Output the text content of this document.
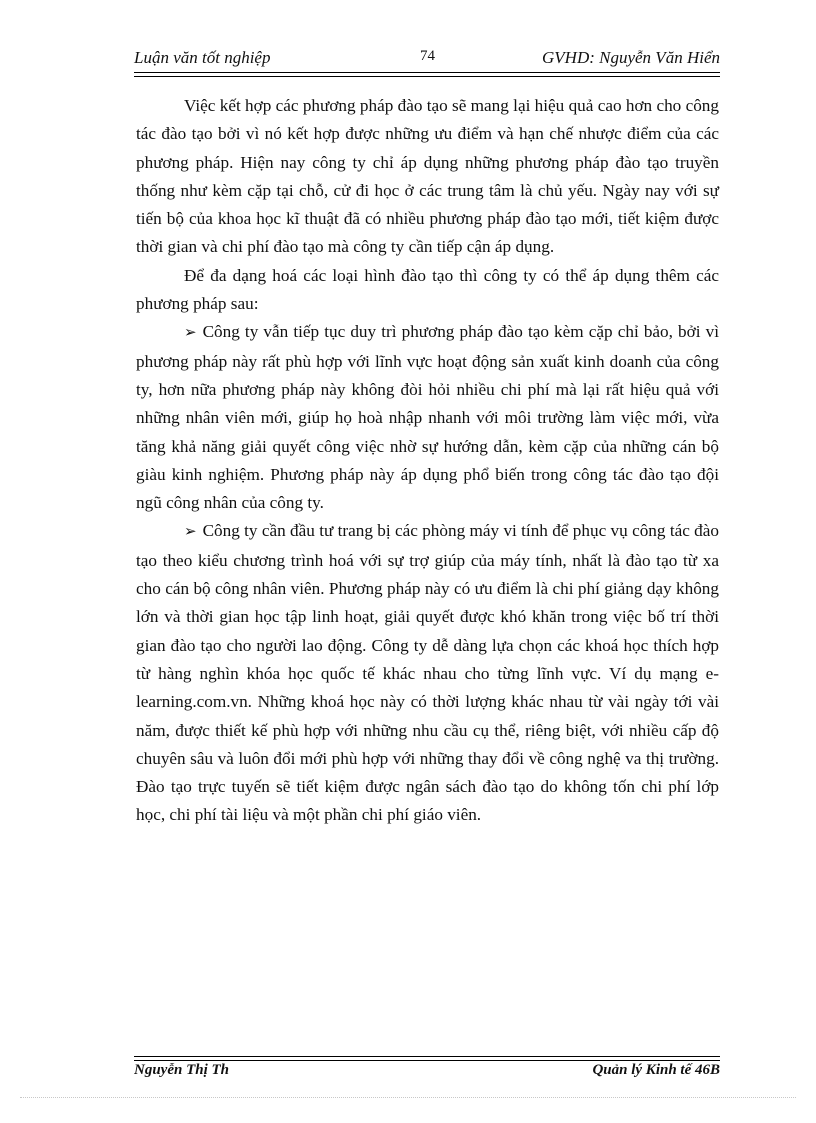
Luận văn tốt nghiệp	74	GVHD: Nguyễn Văn Hiển

Việc kết hợp các phương pháp đào tạo sẽ mang lại hiệu quả cao hơn cho công tác đào tạo bởi vì nó kết hợp được những ưu điểm và hạn chế nhược điểm của các phương pháp. Hiện nay công ty chỉ áp dụng những phương pháp đào tạo truyền thống như kèm cặp tại chỗ, cử đi học ở các trung tâm là chủ yếu. Ngày nay với sự tiến bộ của khoa học kĩ thuật đã có nhiều phương pháp đào tạo mới, tiết kiệm được thời gian và chi phí đào tạo mà công ty cần tiếp cận áp dụng.

Để đa dạng hoá các loại hình đào tạo thì công ty có thể áp dụng thêm các phương pháp sau:

➢ Công ty vẫn tiếp tục duy trì phương pháp đào tạo kèm cặp chỉ bảo, bởi vì phương pháp này rất phù hợp với lĩnh vực hoạt động sản xuất kinh doanh của công ty, hơn nữa phương pháp này không đòi hỏi nhiều chi phí mà lại rất hiệu quả với những nhân viên mới, giúp họ hoà nhập nhanh với môi trường làm việc mới, vừa tăng khả năng giải quyết công việc nhờ sự hướng dẫn, kèm cặp của những cán bộ giàu kinh nghiệm. Phương pháp này áp dụng phổ biến trong công tác đào tạo đội ngũ công nhân của công ty.

➢ Công ty cần đầu tư trang bị các phòng máy vi tính để phục vụ công tác đào tạo theo kiểu chương trình hoá với sự trợ giúp của máy tính, nhất là đào tạo từ xa cho cán bộ công nhân viên. Phương pháp này có ưu điểm là chi phí giảng dạy không lớn và thời gian học tập linh hoạt, giải quyết được khó khăn trong việc bố trí thời gian đào tạo cho người lao động. Công ty dễ dàng lựa chọn các khoá học thích hợp từ hàng nghìn khóa học quốc tế khác nhau cho từng lĩnh vực. Ví dụ mạng e-learning.com.vn. Những khoá học này có thời lượng khác nhau từ vài ngày tới vài năm, được thiết kế phù hợp với những nhu cầu cụ thể, riêng biệt, với nhiều cấp độ chuyên sâu và luôn đổi mới phù hợp với những thay đổi về công nghệ va thị trường. Đào tạo trực tuyến sẽ tiết kiệm được ngân sách đào tạo do không tốn chi phí lớp học, chi phí tài liệu và một phần chi phí giáo viên.

Nguyễn Thị Th	Quản lý Kinh tế 46B
